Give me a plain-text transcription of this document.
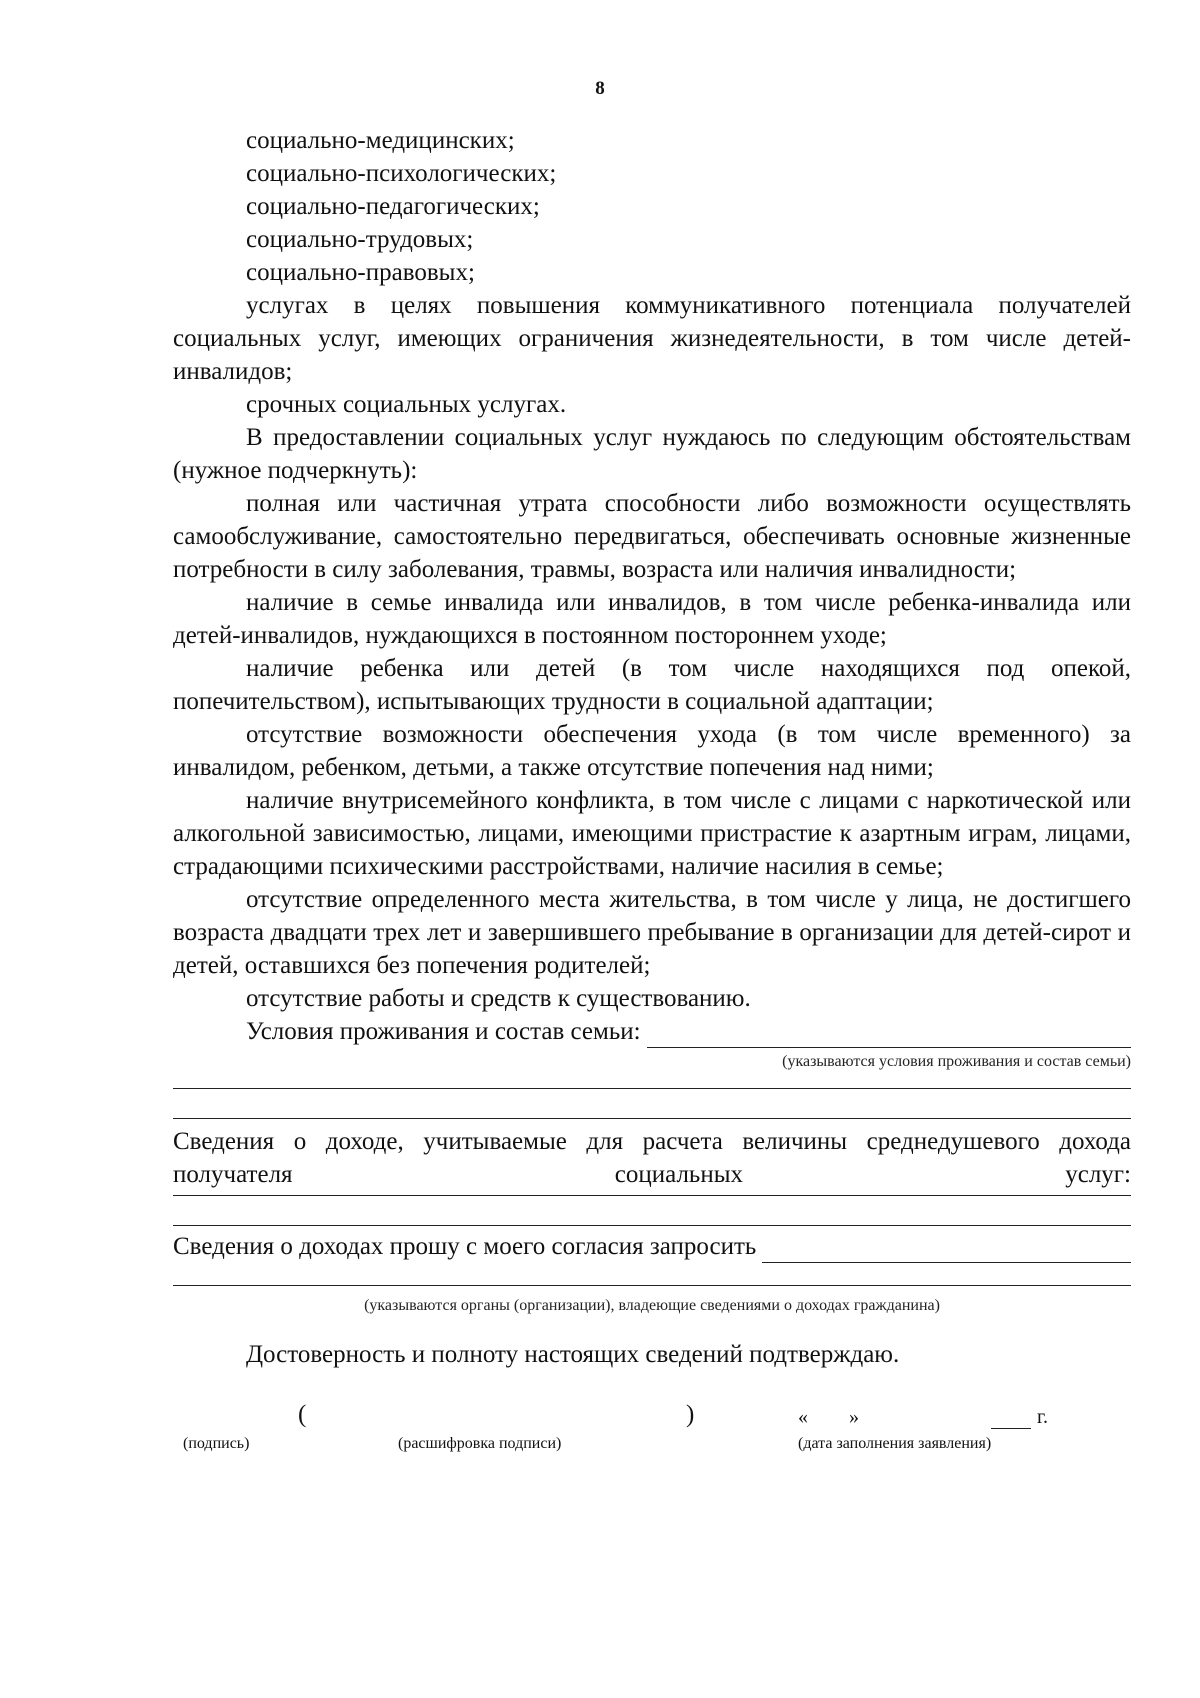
8

социально-медицинских;

социально-психологических;

социально-педагогических;

социально-трудовых;

социально-правовых;

услугах в целях повышения коммуникативного потенциала получателей социальных услуг, имеющих ограничения жизнедеятельности, в том числе детей-инвалидов;

срочных социальных услугах.

В предоставлении социальных услуг нуждаюсь по следующим обстоятельствам (нужное подчеркнуть):

полная или частичная утрата способности либо возможности осуществлять самообслуживание, самостоятельно передвигаться, обеспечивать основные жизненные потребности в силу заболевания, травмы, возраста или наличия инвалидности;

наличие в семье инвалида или инвалидов, в том числе ребенка-инвалида или детей-инвалидов, нуждающихся в постоянном постороннем уходе;

наличие ребенка или детей (в том числе находящихся под опекой, попечительством), испытывающих трудности в социальной адаптации;

отсутствие возможности обеспечения ухода (в том числе временного) за инвалидом, ребенком, детьми, а также отсутствие попечения над ними;

наличие внутрисемейного конфликта, в том числе с лицами с наркотической или алкогольной зависимостью, лицами, имеющими пристрастие к азартным играм, лицами, страдающими психическими расстройствами, наличие насилия в семье;

отсутствие определенного места жительства, в том числе у лица, не достигшего возраста двадцати трех лет и завершившего пребывание в организации для детей-сирот и детей, оставшихся без попечения родителей;

отсутствие работы и средств к существованию.

Условия проживания и состав семьи:
(указываются условия проживания и состав семьи)

Сведения о доходе, учитываемые для расчета величины среднедушевого дохода получателя социальных услуг:

Сведения о доходах прошу с моего согласия запросить
(указываются органы (организации), владеющие сведениями о доходах гражданина)

Достоверность и полноту настоящих сведений подтверждаю.

(	)	« »	г.
(подпись)	(расшифровка подписи)	(дата заполнения заявления)
